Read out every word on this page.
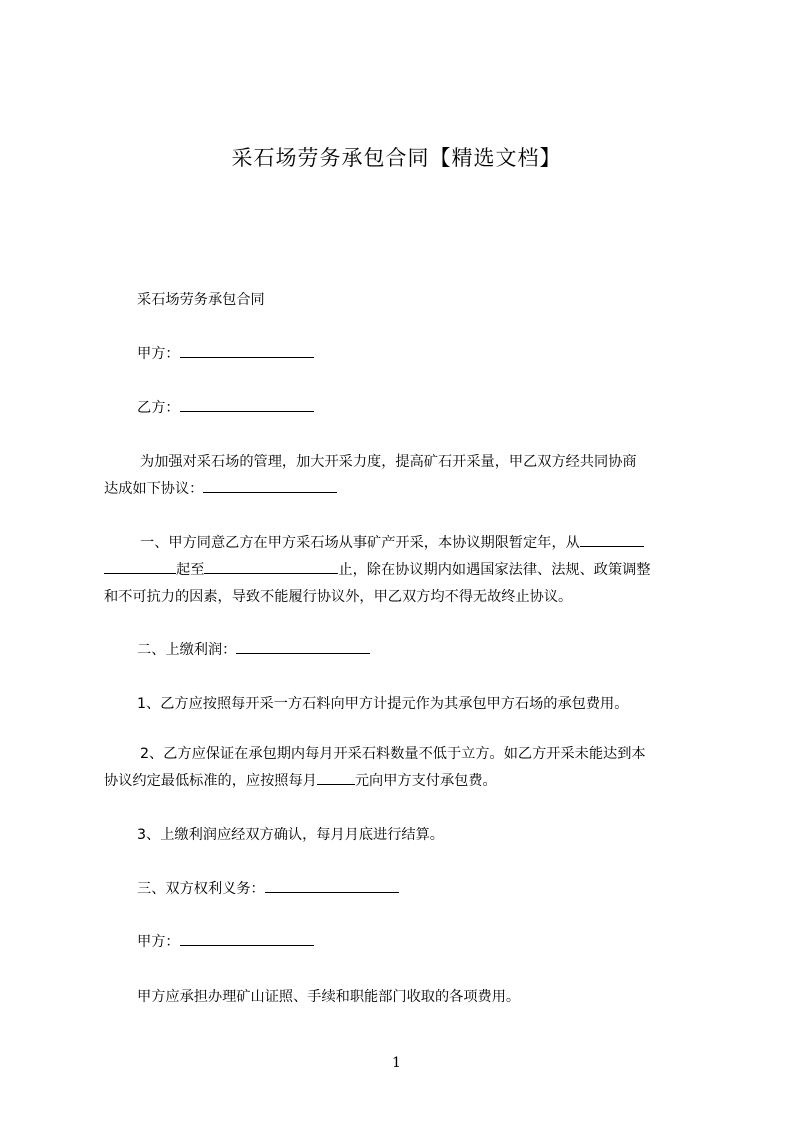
采石场劳务承包合同【精选文档】
采石场劳务承包合同
甲方：
乙方：
为加强对采石场的管理，加大开采力度，提高矿石开采量，甲乙双方经共同协商
达成如下协议：
一、甲方同意乙方在甲方采石场从事矿产开采，本协议期限暂定年，从
起至	止，除在协议期内如遇国家法律、法规、政策调整
和不可抗力的因素，导致不能履行协议外，甲乙双方均不得无故终止协议。
二、上缴利润：
1、乙方应按照每开采一方石料向甲方计提元作为其承包甲方石场的承包费用。
2、乙方应保证在承包期内每月开采石料数量不低于立方。如乙方开采未能达到本
协议约定最低标准的，应按照每月	元向甲方支付承包费。
3、上缴利润应经双方确认，每月月底进行结算。
三、双方权利义务：
甲方：
甲方应承担办理矿山证照、手续和职能部门收取的各项费用。
1
